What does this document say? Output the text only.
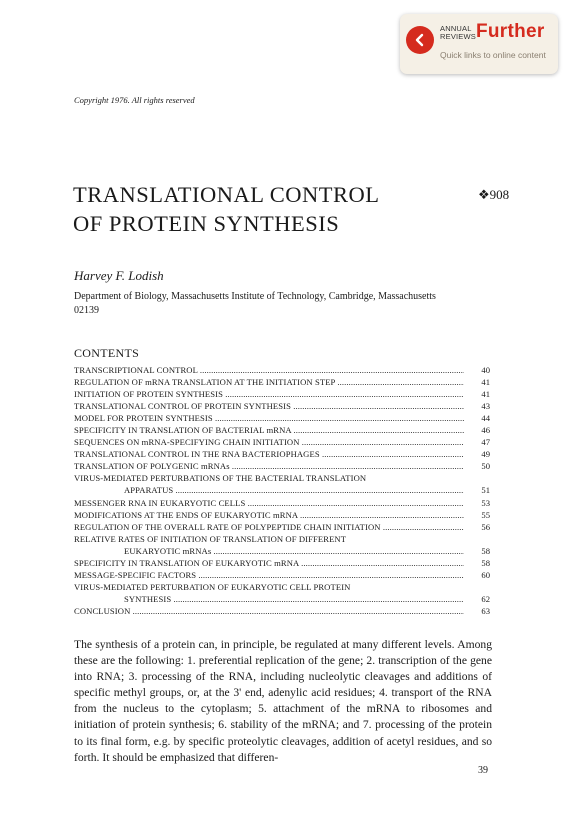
ANNUAL
REVIEWS Further
Quick links to online content
Copyright 1976. All rights reserved
TRANSLATIONAL CONTROL
OF PROTEIN SYNTHESIS
❖908
Harvey F. Lodish
Department of Biology, Massachusetts Institute of Technology, Cambridge, Massachusetts 02139
CONTENTS
TRANSCRIPTIONAL CONTROL .....	40
REGULATION OF mRNA TRANSLATION AT THE INITIATION STEP .....	41
INITIATION OF PROTEIN SYNTHESIS .....	41
TRANSLATIONAL CONTROL OF PROTEIN SYNTHESIS .....	43
MODEL FOR PROTEIN SYNTHESIS .....	44
SPECIFICITY IN TRANSLATION OF BACTERIAL mRNA .....	46
SEQUENCES ON mRNA-SPECIFYING CHAIN INITIATION .....	47
TRANSLATIONAL CONTROL IN THE RNA BACTERIOPHAGES .....	49
TRANSLATION OF POLYGENIC mRNAs .....	50
VIRUS-MEDIATED PERTURBATIONS OF THE BACTERIAL TRANSLATION
APPARATUS .....	51
MESSENGER RNA IN EUKARYOTIC CELLS .....	53
MODIFICATIONS AT THE ENDS OF EUKARYOTIC mRNA .....	55
REGULATION OF THE OVERALL RATE OF POLYPEPTIDE CHAIN INITIATION .....	56
RELATIVE RATES OF INITIATION OF TRANSLATION OF DIFFERENT
EUKARYOTIC mRNAs .....	58
SPECIFICITY IN TRANSLATION OF EUKARYOTIC mRNA .....	58
MESSAGE-SPECIFIC FACTORS .....	60
VIRUS-MEDIATED PERTURBATION OF EUKARYOTIC CELL PROTEIN
SYNTHESIS .....	62
CONCLUSION .....	63

The synthesis of a protein can, in principle, be regulated at many different levels. Among these are the following: 1. preferential replication of the gene; 2. transcription of the gene into RNA; 3. processing of the RNA, including nucleolytic cleavages and additions of specific methyl groups, or, at the 3' end, adenylic acid residues; 4. transport of the RNA from the nucleus to the cytoplasm; 5. attachment of the mRNA to ribosomes and initiation of protein synthesis; 6. stability of the mRNA; and 7. processing of the protein to its final form, e.g. by specific proteolytic cleavages, addition of acetyl residues, and so forth. It should be emphasized that differen-

39
